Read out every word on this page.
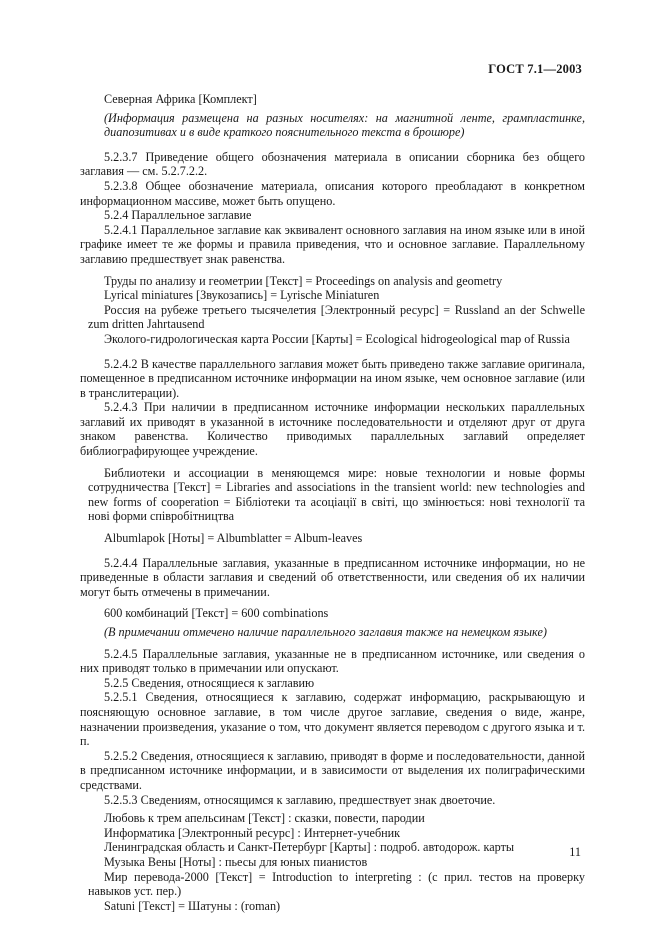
ГОСТ 7.1—2003

Северная Африка [Комплект]

(Информация размещена на разных носителях: на магнитной ленте, грампластинке, диапозитивах и в виде краткого пояснительного текста в брошюре)

5.2.3.7 Приведение общего обозначения материала в описании сборника без общего заглавия — см. 5.2.7.2.2.

5.2.3.8 Общее обозначение материала, описания которого преобладают в конкретном информационном массиве, может быть опущено.

5.2.4 Параллельное заглавие

5.2.4.1 Параллельное заглавие как эквивалент основного заглавия на ином языке или в иной графике имеет те же формы и правила приведения, что и основное заглавие. Параллельному заглавию предшествует знак равенства.

Труды по анализу и геометрии [Текст] = Proceedings on analysis and geometry

Lyrical miniatures [Звукозапись] = Lyrische Miniaturen

Россия на рубеже третьего тысячелетия [Электронный ресурс] = Russland an der Schwelle zum dritten Jahrtausend

Эколого-гидрологическая карта России [Карты] = Ecological hidrogeological map of Russia

5.2.4.2 В качестве параллельного заглавия может быть приведено также заглавие оригинала, помещенное в предписанном источнике информации на ином языке, чем основное заглавие (или в транслитерации).

5.2.4.3 При наличии в предписанном источнике информации нескольких параллельных заглавий их приводят в указанной в источнике последовательности и отделяют друг от друга знаком равенства. Количество приводимых параллельных заглавий определяет библиографирующее учреждение.

Библиотеки и ассоциации в меняющемся мире: новые технологии и новые формы сотрудничества [Текст] = Libraries and associations in the transient world: new technologies and new forms of cooperation = Бібліотеки та асоціації в світі, що змінюється: нові технології та нові форми співробітництва

Albumlapok [Ноты] = Albumblatter = Album-leaves

5.2.4.4 Параллельные заглавия, указанные в предписанном источнике информации, но не приведенные в области заглавия и сведений об ответственности, или сведения об их наличии могут быть отмечены в примечании.

600 комбинаций [Текст] = 600 combinations

(В примечании отмечено наличие параллельного заглавия также на немецком языке)

5.2.4.5 Параллельные заглавия, указанные не в предписанном источнике, или сведения о них приводят только в примечании или опускают.

5.2.5 Сведения, относящиеся к заглавию

5.2.5.1 Сведения, относящиеся к заглавию, содержат информацию, раскрывающую и поясняющую основное заглавие, в том числе другое заглавие, сведения о виде, жанре, назначении произведения, указание о том, что документ является переводом с другого языка и т. п.

5.2.5.2 Сведения, относящиеся к заглавию, приводят в форме и последовательности, данной в предписанном источнике информации, и в зависимости от выделения их полиграфическими средствами.

5.2.5.3 Сведениям, относящимся к заглавию, предшествует знак двоеточие.

Любовь к трем апельсинам [Текст] : сказки, повести, пародии

Информатика [Электронный ресурс] : Интернет-учебник

Ленинградская область и Санкт-Петербург [Карты] : подроб. автодорож. карты

Музыка Вены [Ноты] : пьесы для юных пианистов

Мир перевода-2000 [Текст] = Introduction to interpreting : (с прил. тестов на проверку навыков уст. пер.)

Satuni [Текст] = Шатуны : (roman)

11
